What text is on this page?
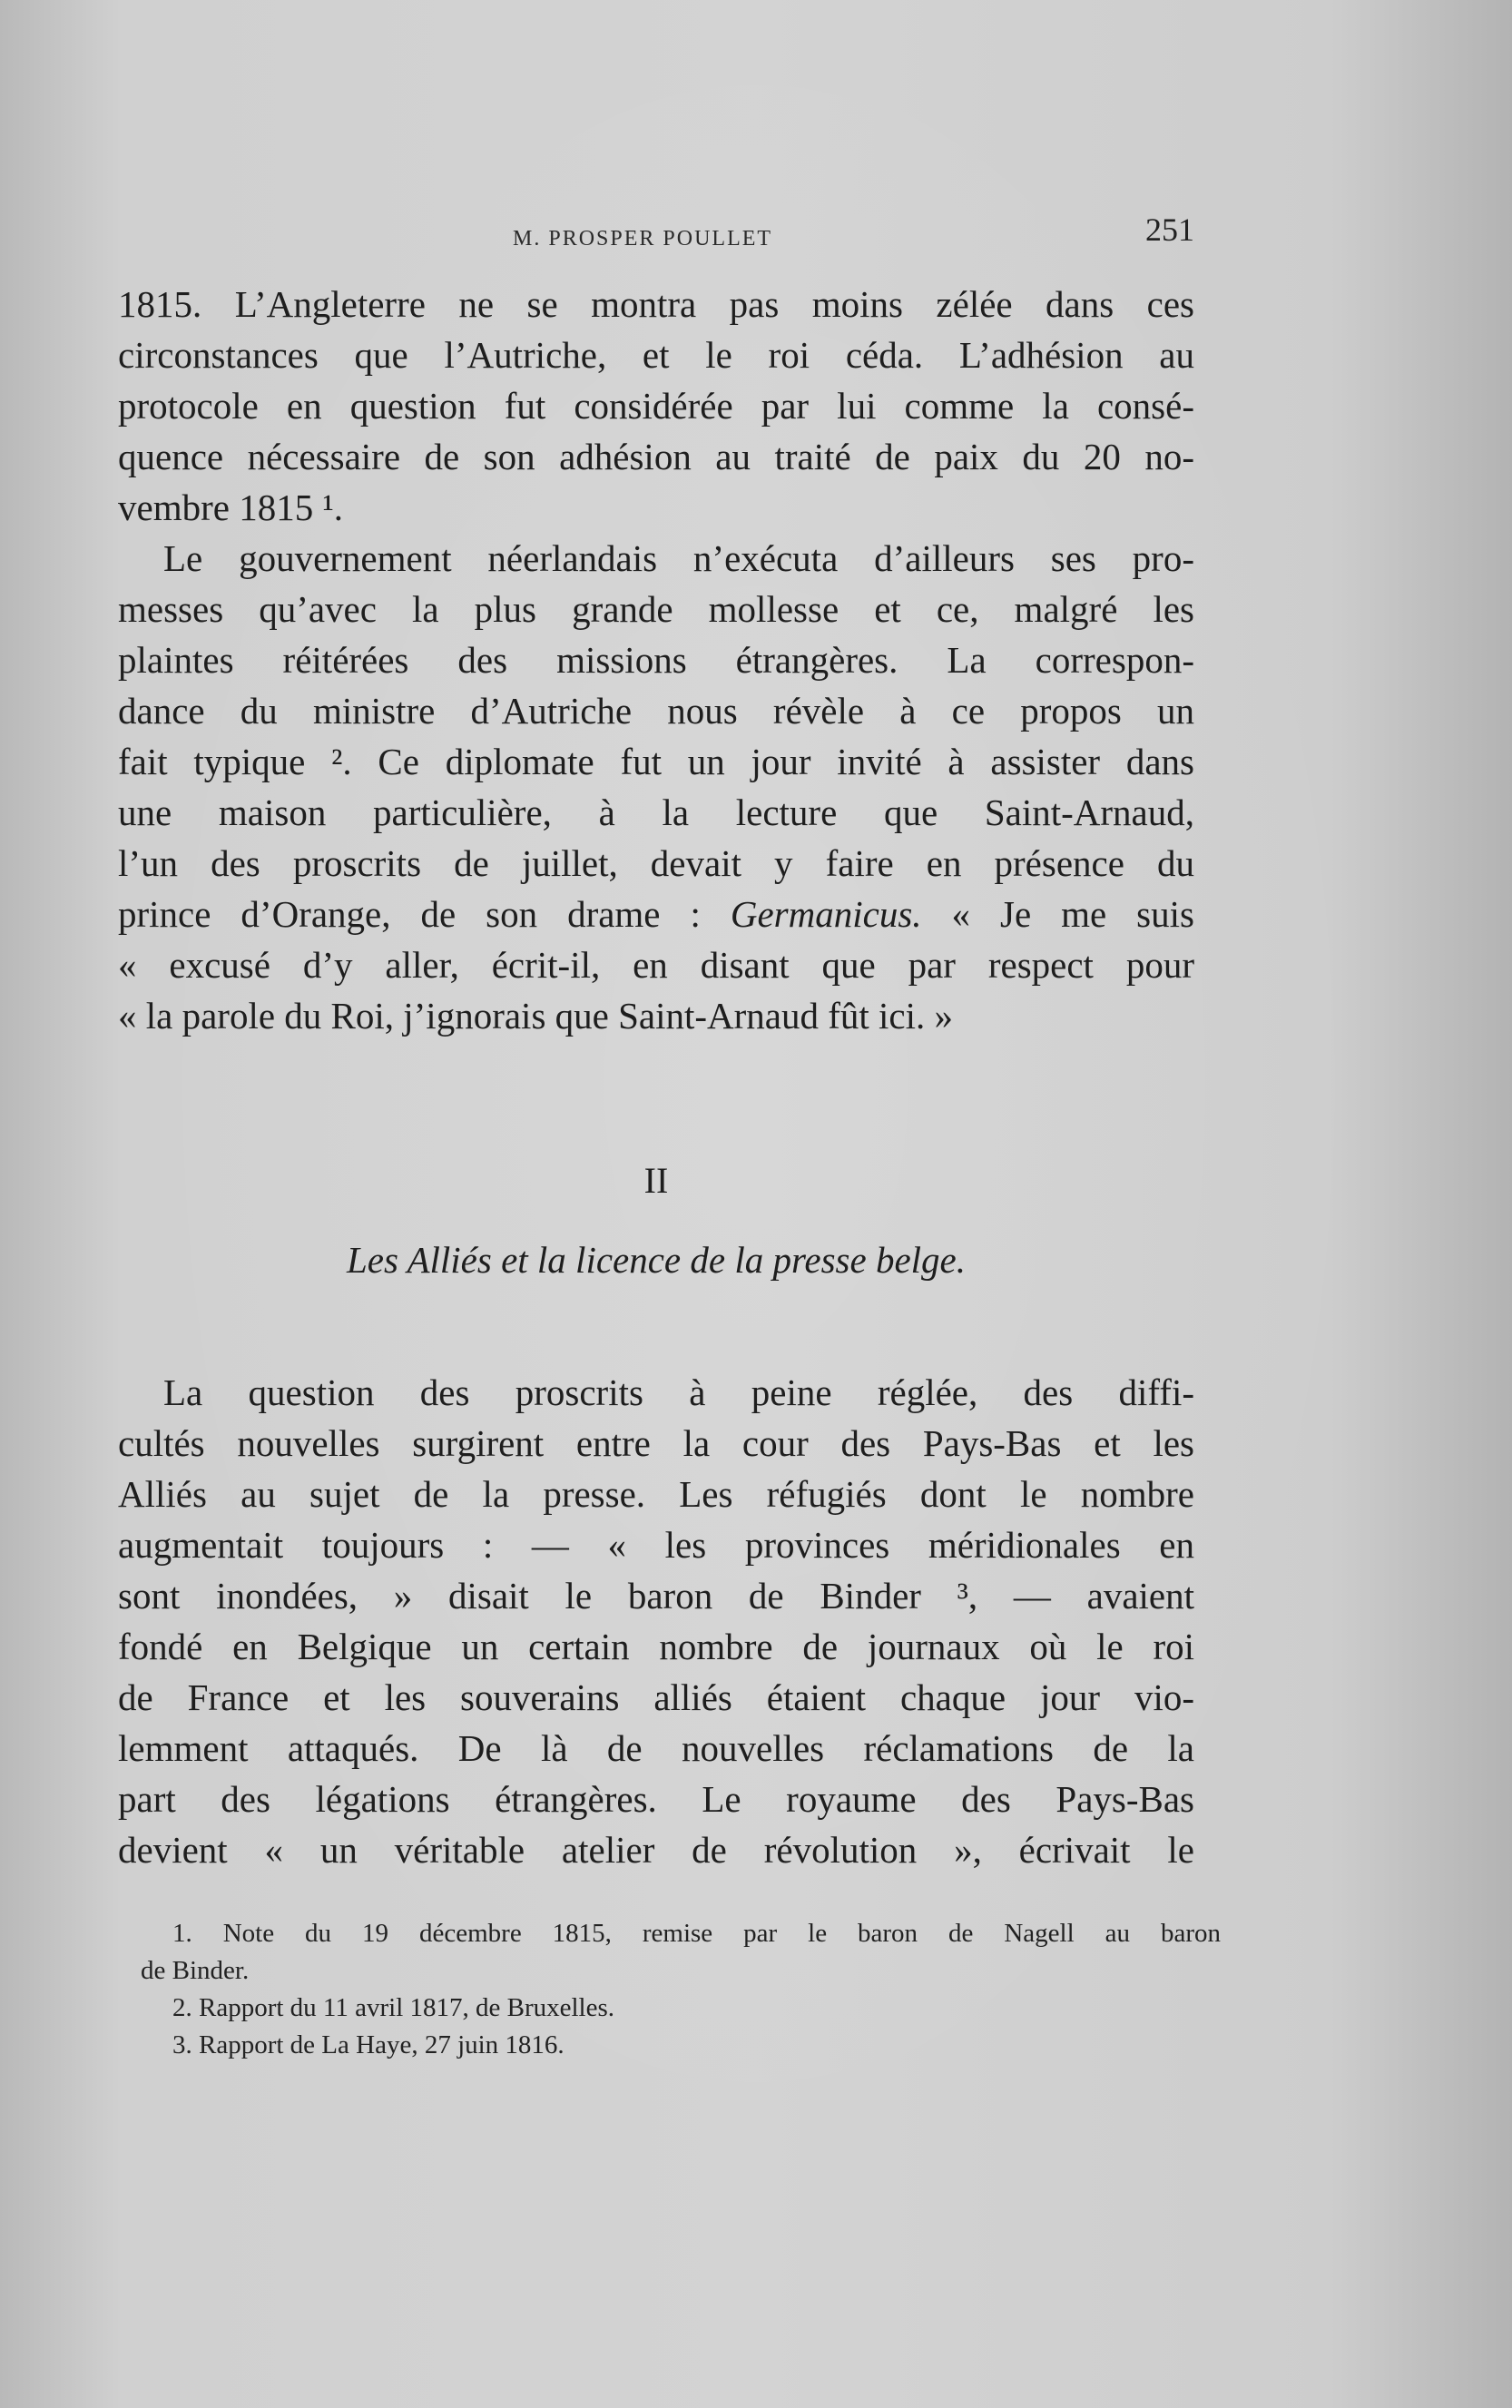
M. PROSPER POULLET	251
1815. L’Angleterre ne se montra pas moins zélée dans ces
circonstances que l’Autriche, et le roi céda. L’adhésion au
protocole en question fut considérée par lui comme la consé-
quence nécessaire de son adhésion au traité de paix du 20 no-
vembre 1815 ¹.
Le gouvernement néerlandais n’exécuta d’ailleurs ses pro-
messes qu’avec la plus grande mollesse et ce, malgré les
plaintes réitérées des missions étrangères. La correspon-
dance du ministre d’Autriche nous révèle à ce propos un
fait typique ². Ce diplomate fut un jour invité à assister dans
une maison particulière, à la lecture que Saint-Arnaud,
l’un des proscrits de juillet, devait y faire en présence du
prince d’Orange, de son drame : Germanicus. « Je me suis
« excusé d’y aller, écrit-il, en disant que par respect pour
« la parole du Roi, j’ignorais que Saint-Arnaud fût ici. »
II
Les Alliés et la licence de la presse belge.
La question des proscrits à peine réglée, des diffi-
cultés nouvelles surgirent entre la cour des Pays-Bas et les
Alliés au sujet de la presse. Les réfugiés dont le nombre
augmentait toujours : — « les provinces méridionales en
sont inondées, » disait le baron de Binder ³, — avaient
fondé en Belgique un certain nombre de journaux où le roi
de France et les souverains alliés étaient chaque jour vio-
lemment attaqués. De là de nouvelles réclamations de la
part des légations étrangères. Le royaume des Pays-Bas
devient « un véritable atelier de révolution », écrivait le
1. Note du 19 décembre 1815, remise par le baron de Nagell au baron
de Binder.
2. Rapport du 11 avril 1817, de Bruxelles.
3. Rapport de La Haye, 27 juin 1816.
